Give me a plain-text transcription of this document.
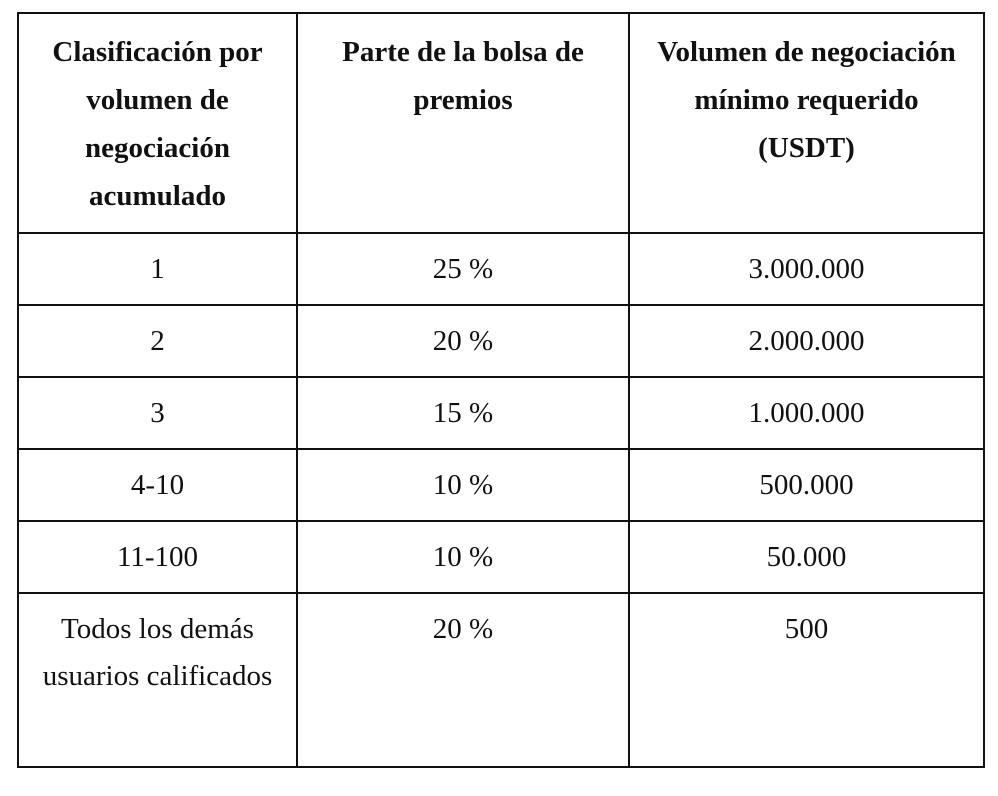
Clasificación por volumen de negociación acumulado	Parte de la bolsa de premios	Volumen de negociación mínimo requerido (USDT)
1	25 %	3.000.000
2	20 %	2.000.000
3	15 %	1.000.000
4-10	10 %	500.000
11-100	10 %	50.000
Todos los demás usuarios calificados	20 %	500
